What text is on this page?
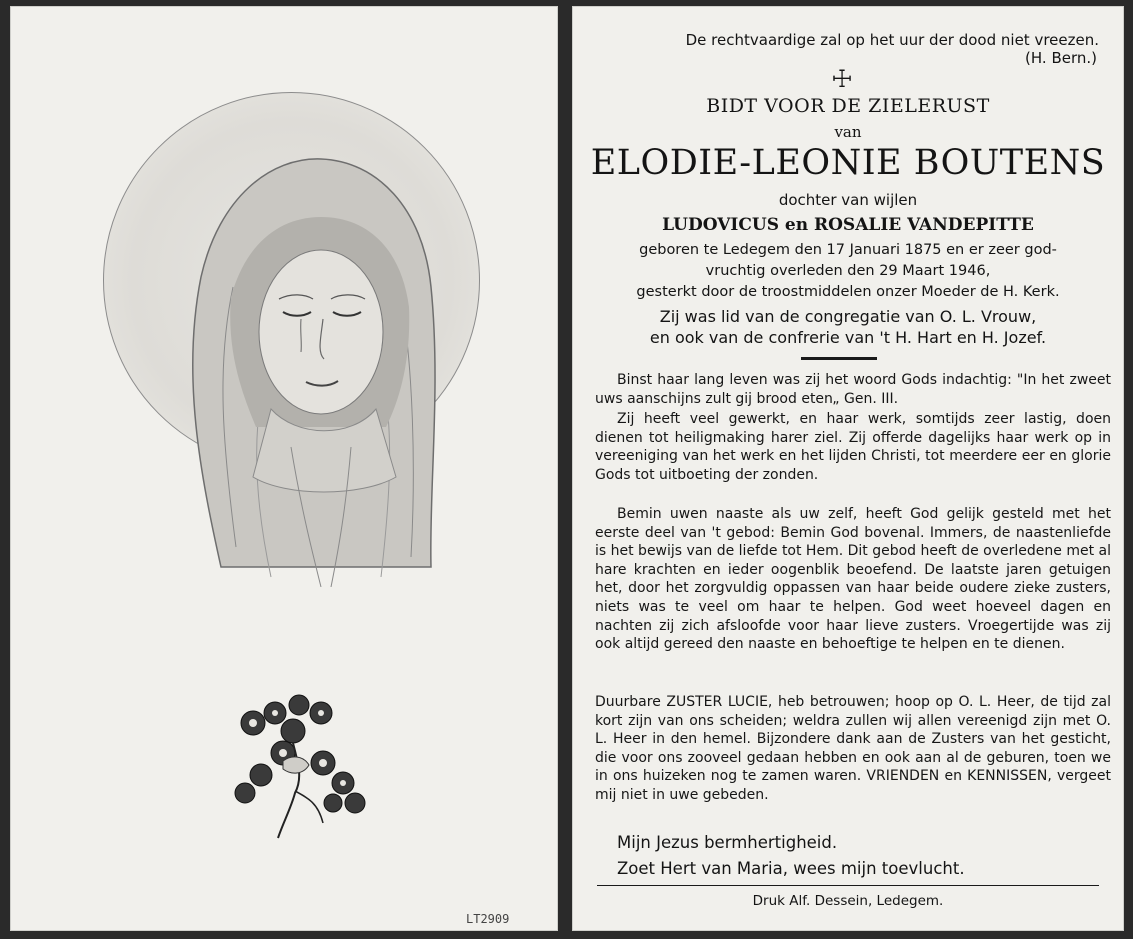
LT2909
De rechtvaardige zal op het uur der dood niet vreezen.
(H. Bern.)
☩
BIDT VOOR DE ZIELERUST
van
ELODIE-LEONIE BOUTENS
dochter van wijlen
LUDOVICUS en ROSALIE VANDEPITTE
geboren te Ledegem den 17 Januari 1875 en er zeer god-
vruchtig overleden den 29 Maart 1946,
gesterkt door de troostmiddelen onzer Moeder de H. Kerk.
Zij was lid van de congregatie van O. L. Vrouw,
en ook van de confrerie van 't H. Hart en H. Jozef.

Binst haar lang leven was zij het woord Gods indachtig: "In het zweet uws aanschijns zult gij brood eten„ Gen. III.

Zij heeft veel gewerkt, en haar werk, somtijds zeer lastig, doen dienen tot heiligmaking harer ziel. Zij offerde dagelijks haar werk op in vereeniging van het werk en het lijden Christi, tot meerdere eer en glorie Gods tot uitboeting der zonden.

Bemin uwen naaste als uw zelf, heeft God gelijk gesteld met het eerste deel van 't gebod: Bemin God bovenal. Immers, de naastenliefde is het bewijs van de liefde tot Hem. Dit gebod heeft de overledene met al hare krachten en ieder oogenblik beoefend. De laatste jaren getuigen het, door het zorgvuldig oppassen van haar beide oudere zieke zusters, niets was te veel om haar te helpen. God weet hoeveel dagen en nachten zij zich afsloofde voor haar lieve zusters. Vroegertijde was zij ook altijd gereed den naaste en behoeftige te helpen en te dienen.

Duurbare ZUSTER LUCIE, heb betrouwen; hoop op O. L. Heer, de tijd zal kort zijn van ons scheiden; weldra zullen wij allen vereenigd zijn met O. L. Heer in den hemel. Bijzondere dank aan de Zusters van het gesticht, die voor ons zooveel gedaan hebben en ook aan al de geburen, toen we in ons huizeken nog te zamen waren. VRIENDEN en KENNISSEN, vergeet mij niet in uwe gebeden.

Mijn Jezus bermhertigheid.
Zoet Hert van Maria, wees mijn toevlucht.
Druk Alf. Dessein, Ledegem.
